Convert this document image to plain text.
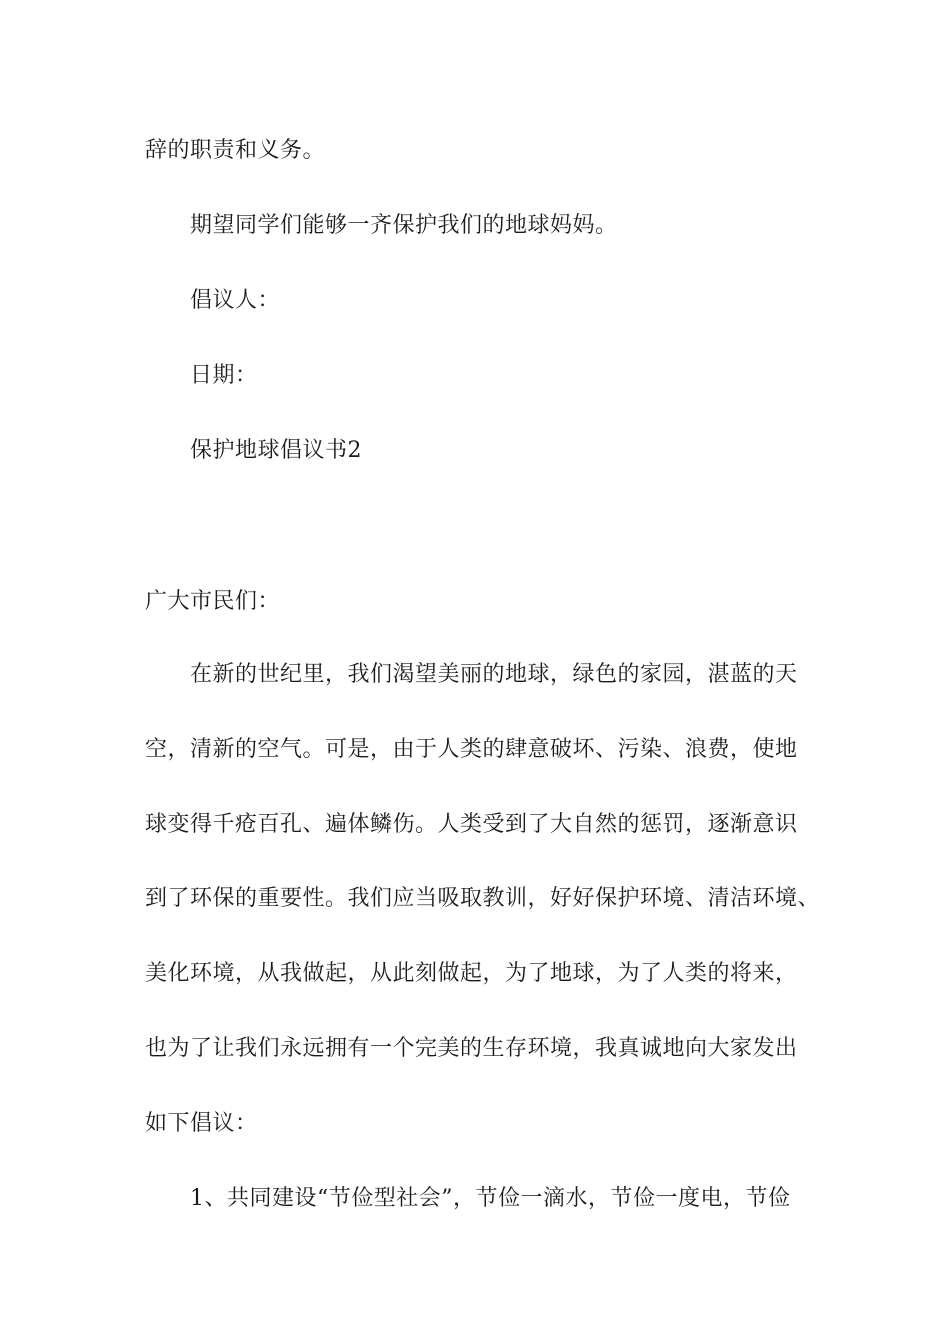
辞的职责和义务。
期望同学们能够一齐保护我们的地球妈妈。
倡议人：
日期：
保护地球倡议书2
广大市民们：
在新的世纪里，我们渴望美丽的地球，绿色的家园，湛蓝的天
空，清新的空气。可是，由于人类的肆意破坏、污染、浪费，使地
球变得千疮百孔、遍体鳞伤。人类受到了大自然的惩罚，逐渐意识
到了环保的重要性。我们应当吸取教训，好好保护环境、清洁环境、
美化环境，从我做起，从此刻做起，为了地球，为了人类的将来，
也为了让我们永远拥有一个完美的生存环境，我真诚地向大家发出
如下倡议：
1、共同建设“节俭型社会”，节俭一滴水，节俭一度电，节俭
